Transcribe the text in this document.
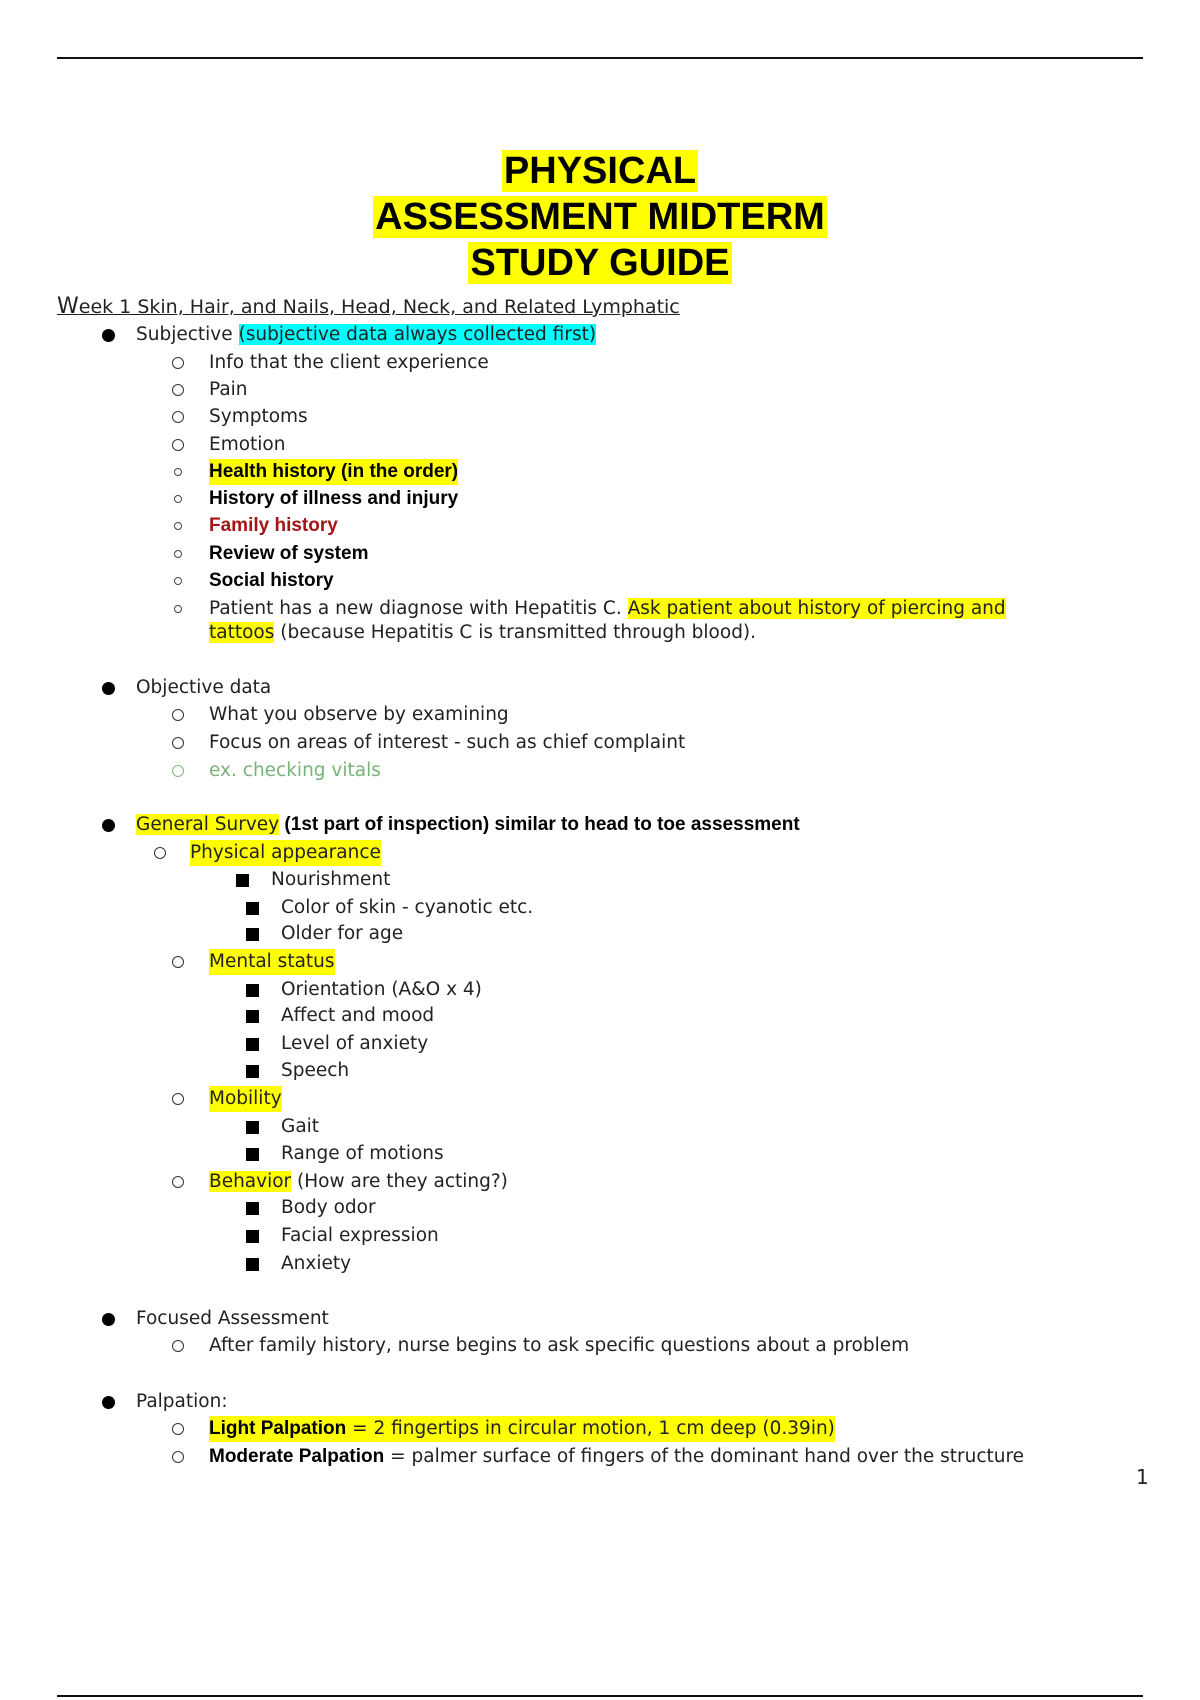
PHYSICAL
ASSESSMENT MIDTERM
STUDY GUIDE
Week 1 Skin, Hair, and Nails, Head, Neck, and Related Lymphatic
Subjective (subjective data always collected first)
Info that the client experience
Pain
Symptoms
Emotion
Health history (in the order)
History of illness and injury
Family history
Review of system
Social history
Patient has a new diagnose with Hepatitis C. Ask patient about history of piercing and
tattoos (because Hepatitis C is transmitted through blood).
Objective data
What you observe by examining
Focus on areas of interest - such as chief complaint
ex. checking vitals
General Survey (1st part of inspection) similar to head to toe assessment
Physical appearance
Nourishment
Color of skin - cyanotic etc.
Older for age
Mental status
Orientation (A&O x 4)
Affect and mood
Level of anxiety
Speech
Mobility
Gait
Range of motions
Behavior (How are they acting?)
Body odor
Facial expression
Anxiety
Focused Assessment
After family history, nurse begins to ask specific questions about a problem
Palpation:
Light Palpation = 2 fingertips in circular motion, 1 cm deep (0.39in)
Moderate Palpation = palmer surface of fingers of the dominant hand over the structure
1
